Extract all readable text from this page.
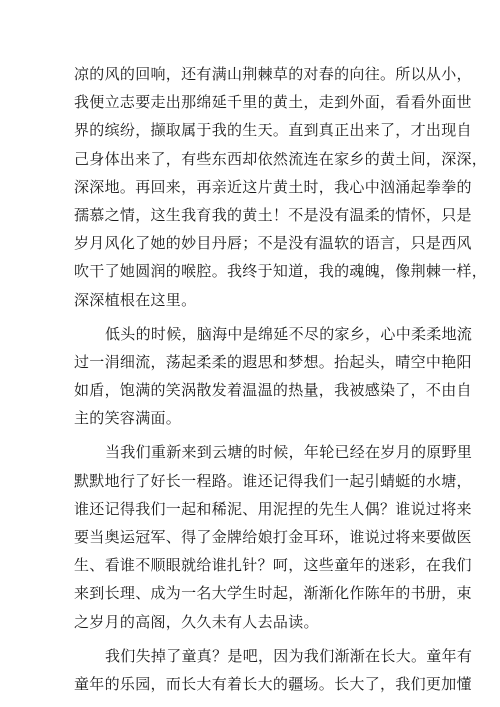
凉的风的回响，还有满山荆棘草的对春的向往。所以从小，
我便立志要走出那绵延千里的黄土，走到外面，看看外面世
界的缤纷，撷取属于我的生天。直到真正出来了，才出现自
己身体出来了，有些东西却依然流连在家乡的黄土间，深深，
深深地。再回来，再亲近这片黄土时，我心中汹涌起拳拳的
孺慕之情，这生我育我的黄土！不是没有温柔的情怀，只是
岁月风化了她的妙目丹唇；不是没有温软的语言，只是西风
吹干了她圆润的喉腔。我终于知道，我的魂魄，像荆棘一样，
深深植根在这里。
低头的时候，脑海中是绵延不尽的家乡，心中柔柔地流
过一涓细流，荡起柔柔的遐思和梦想。抬起头，晴空中艳阳
如盾，饱满的笑涡散发着温温的热量，我被感染了，不由自
主的笑容满面。
当我们重新来到云塘的时候，年轮已经在岁月的原野里
默默地行了好长一程路。谁还记得我们一起引蜻蜓的水塘，
谁还记得我们一起和稀泥、用泥捏的先生人偶？谁说过将来
要当奥运冠军、得了金牌给娘打金耳环，谁说过将来要做医
生、看谁不顺眼就给谁扎针？呵，这些童年的迷彩，在我们
来到长理、成为一名大学生时起，渐渐化作陈年的书册，束
之岁月的高阁，久久未有人去品读。
我们失掉了童真？是吧，因为我们渐渐在长大。童年有
童年的乐园，而长大有着长大的疆场。长大了，我们更加懂
